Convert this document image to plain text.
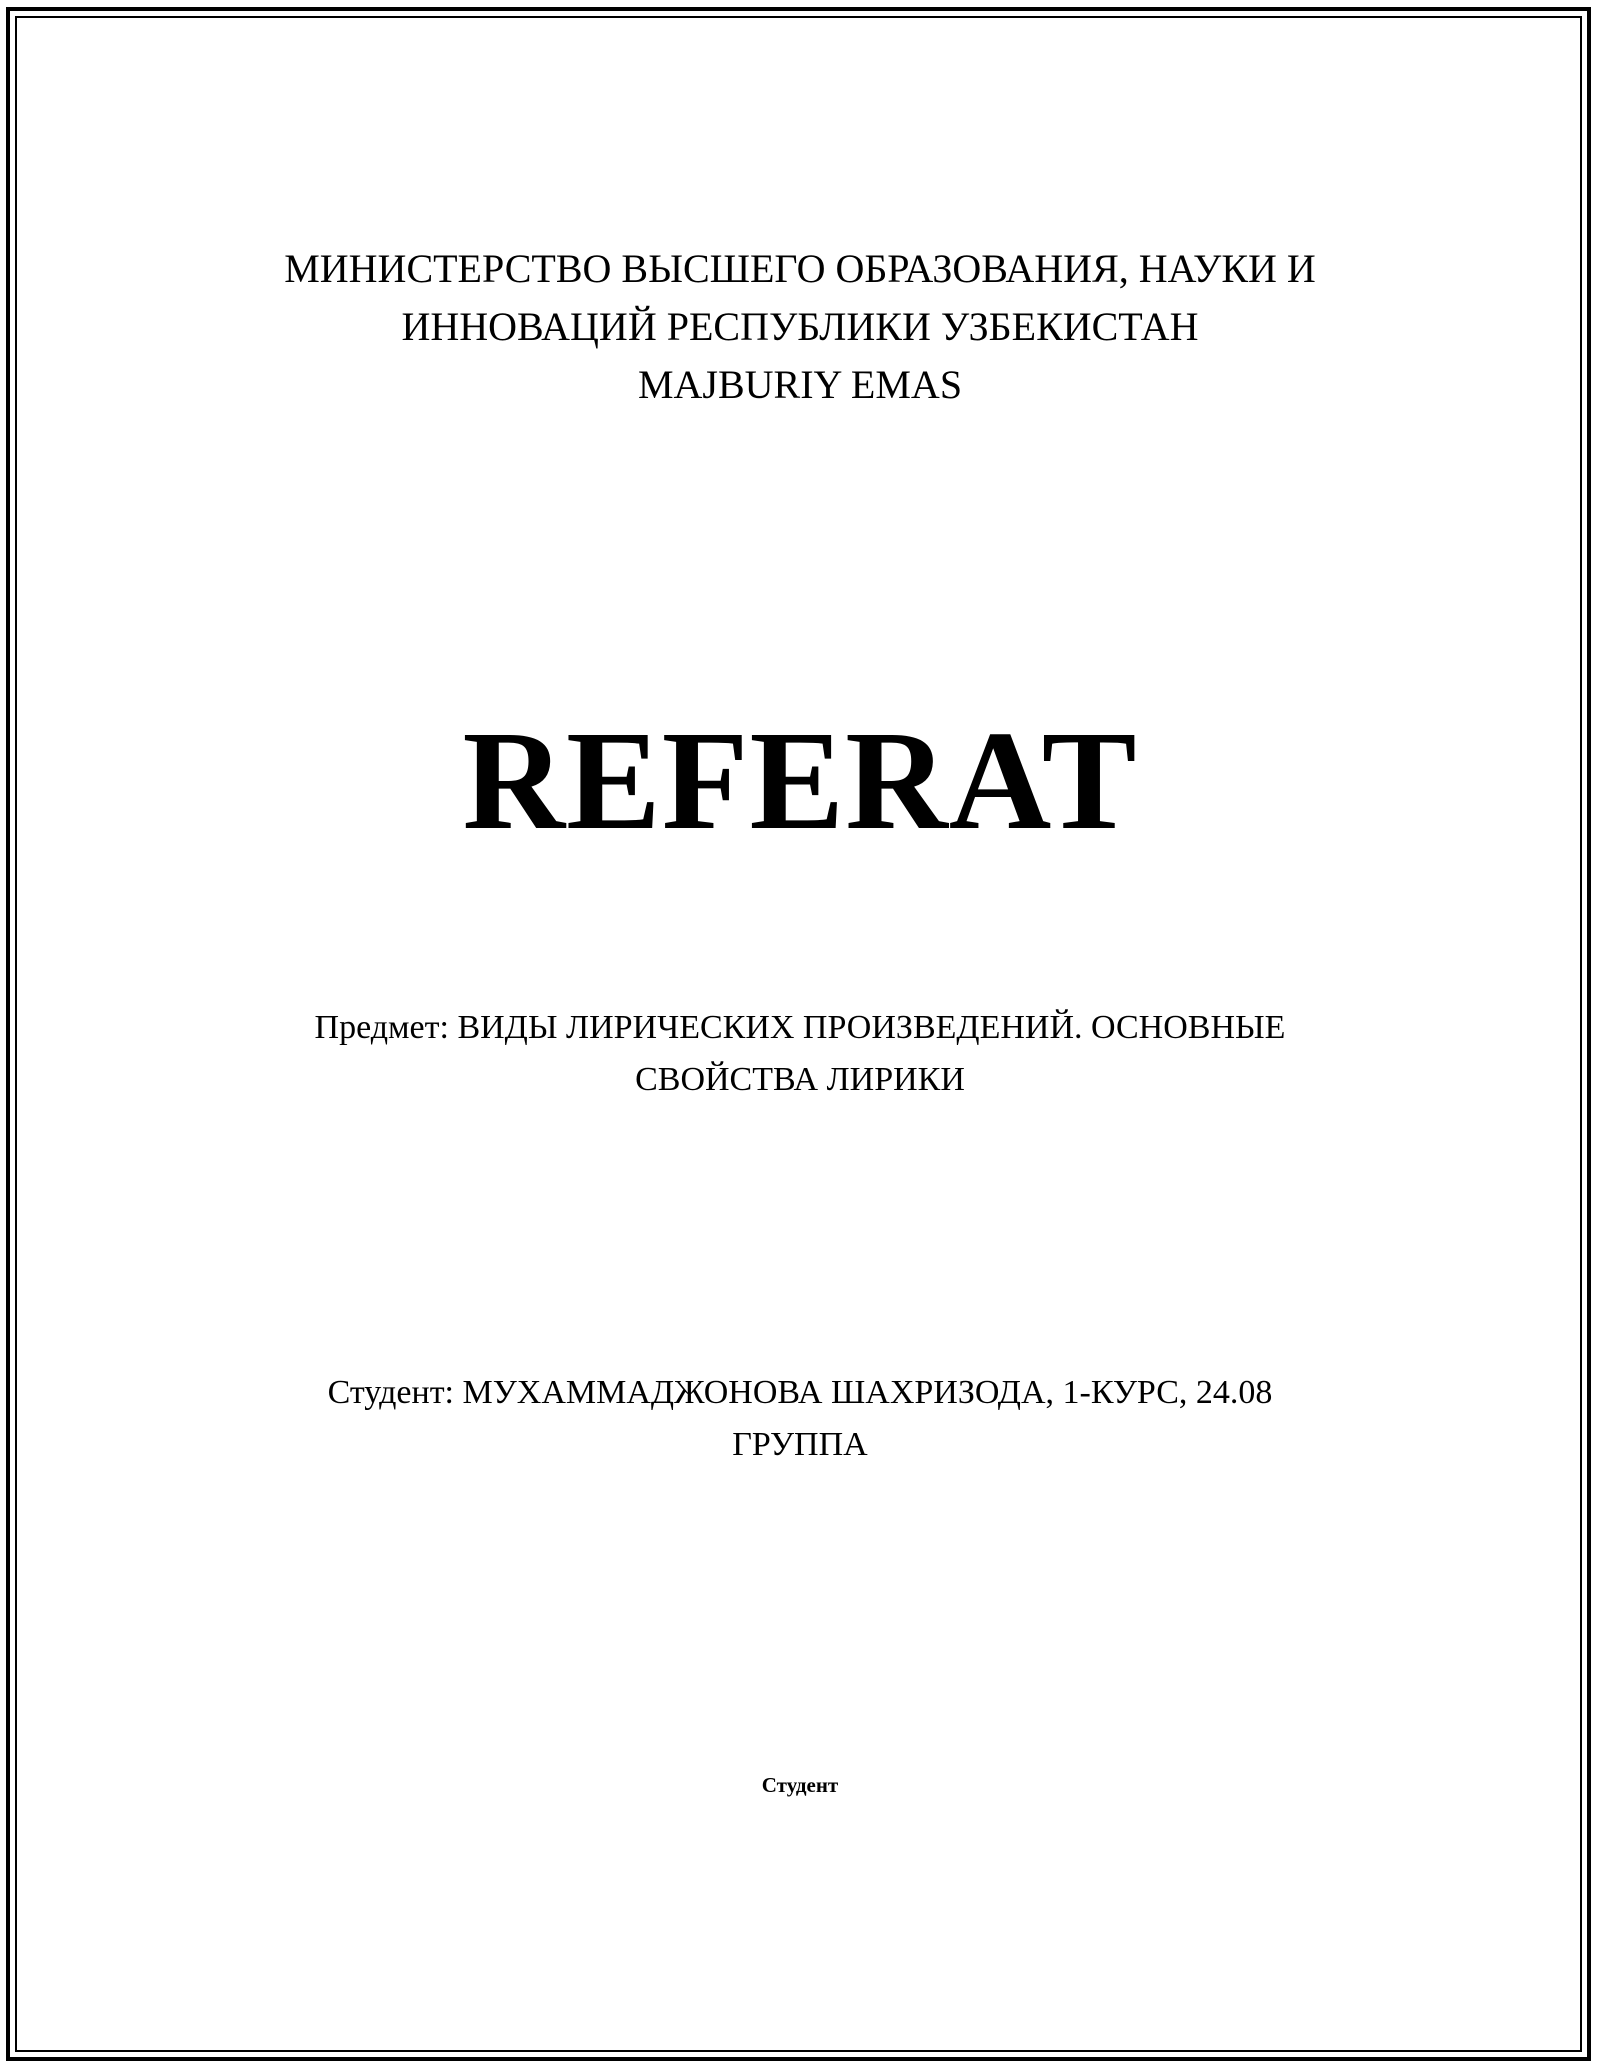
МИНИСТЕРСТВО ВЫСШЕГО ОБРАЗОВАНИЯ, НАУКИ И
ИННОВАЦИЙ РЕСПУБЛИКИ УЗБЕКИСТАН
MAJBURIY EMAS
REFERAT
Предмет: ВИДЫ ЛИРИЧЕСКИХ ПРОИЗВЕДЕНИЙ. ОСНОВНЫЕ
СВОЙСТВА ЛИРИКИ
Студент: МУХАММАДЖОНОВА ШАХРИЗОДА, 1-КУРС, 24.08
ГРУППА
Студент
